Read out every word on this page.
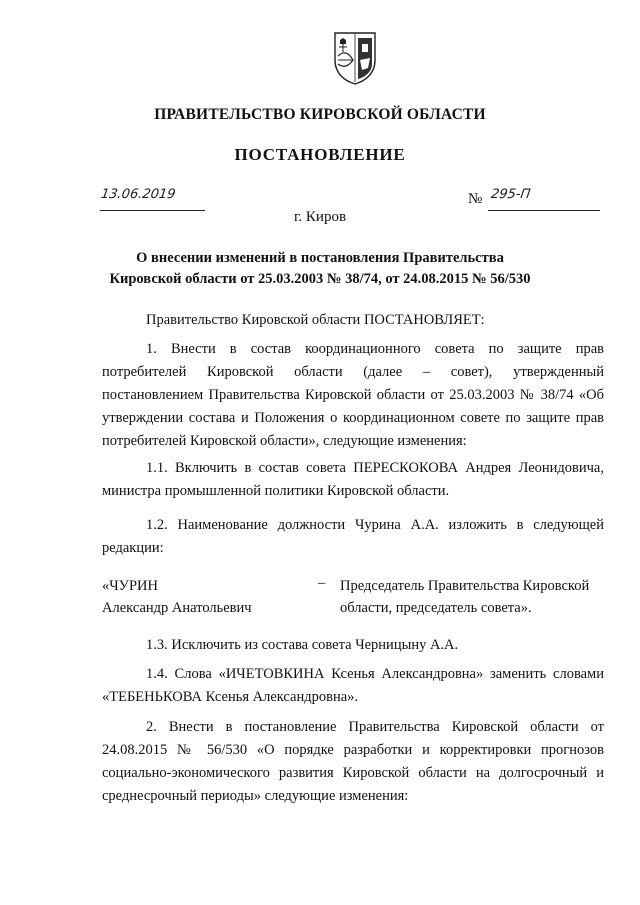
ПРАВИТЕЛЬСТВО КИРОВСКОЙ ОБЛАСТИ
ПОСТАНОВЛЕНИЕ
13.06.2019	№ 295-П
г. Киров
О внесении изменений в постановления Правительства
Кировской области от 25.03.2003 № 38/74, от 24.08.2015 № 56/530

Правительство Кировской области ПОСТАНОВЛЯЕТ:

1. Внести в состав координационного совета по защите прав потребителей Кировской области (далее – совет), утвержденный постановлением Правительства Кировской области от 25.03.2003 № 38/74 «Об утверждении состава и Положения о координационном совете по защите прав потребителей Кировской области», следующие изменения:

1.1. Включить в состав совета ПЕРЕСКОКОВА Андрея Леонидовича, министра промышленной политики Кировской области.

1.2. Наименование должности Чурина А.А. изложить в следующей редакции:

«ЧУРИН
Александр Анатольевич
– Председатель Правительства Кировской области, председатель совета».

1.3. Исключить из состава совета Черницыну А.А.

1.4. Слова «ИЧЕТОВКИНА Ксенья Александровна» заменить словами «ТЕБЕНЬКОВА Ксенья Александровна».

2. Внести в постановление Правительства Кировской области от 24.08.2015 № 56/530 «О порядке разработки и корректировки прогнозов социально-экономического развития Кировской области на долгосрочный и среднесрочный периоды» следующие изменения:
